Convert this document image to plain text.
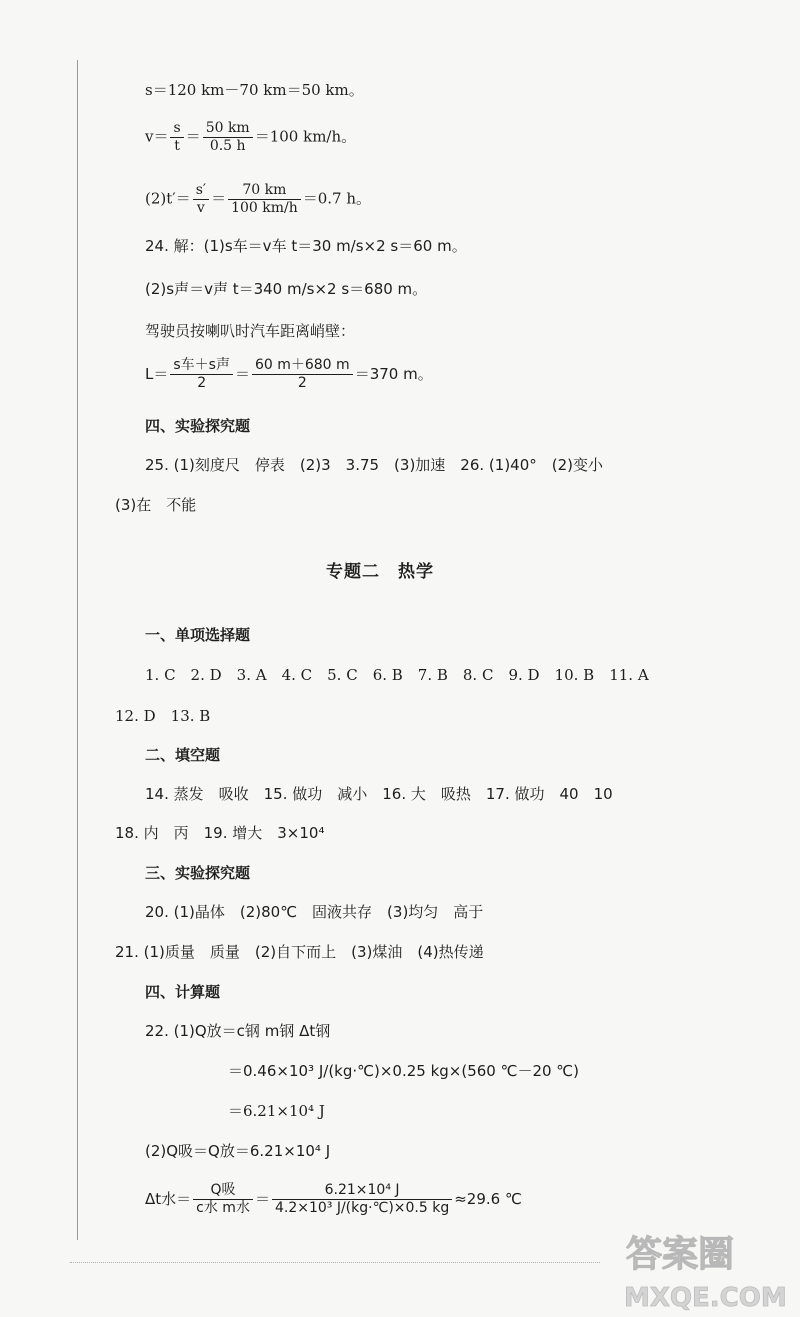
s＝120 km－70 km＝50 km。
$v= \frac{s}{t} = \frac{50 km}{0.5 h} =100$ km/h。
$(2)t'= \frac{s'}{v} = \frac{70 km}{100 km/h} =0.7$ h。
24. 解：(1)s车＝v车 t＝30 m/s×2 s＝60 m。
(2)s声＝v声 t＝340 m/s×2 s＝680 m。
驾驶员按喇叭时汽车距离峭壁：
$L= \frac{\text{s车＋s声}}{2} = \frac{60 m+680 m}{2} =370$ m。
四、实验探究题
25. (1)刻度尺　停表　(2)3　3.75　(3)加速　26. (1)40°　(2)变小
(3)在　不能
专题二　热学
一、单项选择题
1. C　2. D　3. A　4. C　5. C　6. B　7. B　8. C　9. D　10. B　11. A
12. D　13. B
二、填空题
14. 蒸发　吸收　15. 做功　减小　16. 大　吸热　17. 做功　40　10
18. 内　丙　19. 增大　3×10⁴
三、实验探究题
20. (1)晶体　(2)80℃　固液共存　(3)均匀　高于
21. (1)质量　质量　(2)自下而上　(3)煤油　(4)热传递
四、计算题
22. (1)Q放＝c钢 m钢 Δt钢
＝0.46×10³ J/(kg·℃)×0.25 kg×(560 ℃－20 ℃)
＝6.21×10⁴ J
(2)Q吸＝Q放＝6.21×10⁴ J
Δt水＝ $\frac{\text{Q吸}}{\text{c水 m水}} = \frac{\text{6.21×10⁴ J}}{\text{4.2×10³ J/(kg·℃)×0.5 kg}} \approx 29.6$ ℃
答案圈
MXQE.COM
